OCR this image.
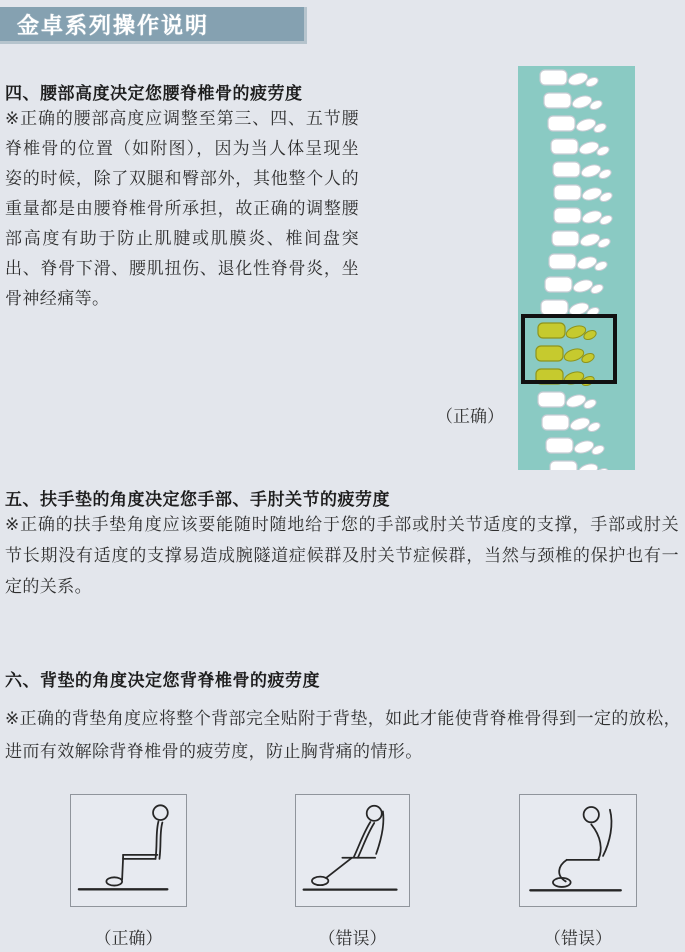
金卓系列操作说明
四、腰部高度决定您腰脊椎骨的疲劳度
※正确的腰部高度应调整至第三、四、五节腰脊椎骨的位置（如附图），因为当人体呈现坐姿的时候，除了双腿和臀部外，其他整个人的重量都是由腰脊椎骨所承担，故正确的调整腰部高度有助于防止肌腱或肌膜炎、椎间盘突出、脊骨下滑、腰肌扭伤、退化性脊骨炎，坐骨神经痛等。
（正确）
五、扶手垫的角度决定您手部、手肘关节的疲劳度
※正确的扶手垫角度应该要能随时随地给于您的手部或肘关节适度的支撑，手部或肘关节长期没有适度的支撑易造成腕隧道症候群及肘关节症候群，当然与颈椎的保护也有一定的关系。
六、背垫的角度决定您背脊椎骨的疲劳度
※正确的背垫角度应将整个背部完全贴附于背垫，如此才能使背脊椎骨得到一定的放松，进而有效解除背脊椎骨的疲劳度，防止胸背痛的情形。
（正确）	（错误）	（错误）
